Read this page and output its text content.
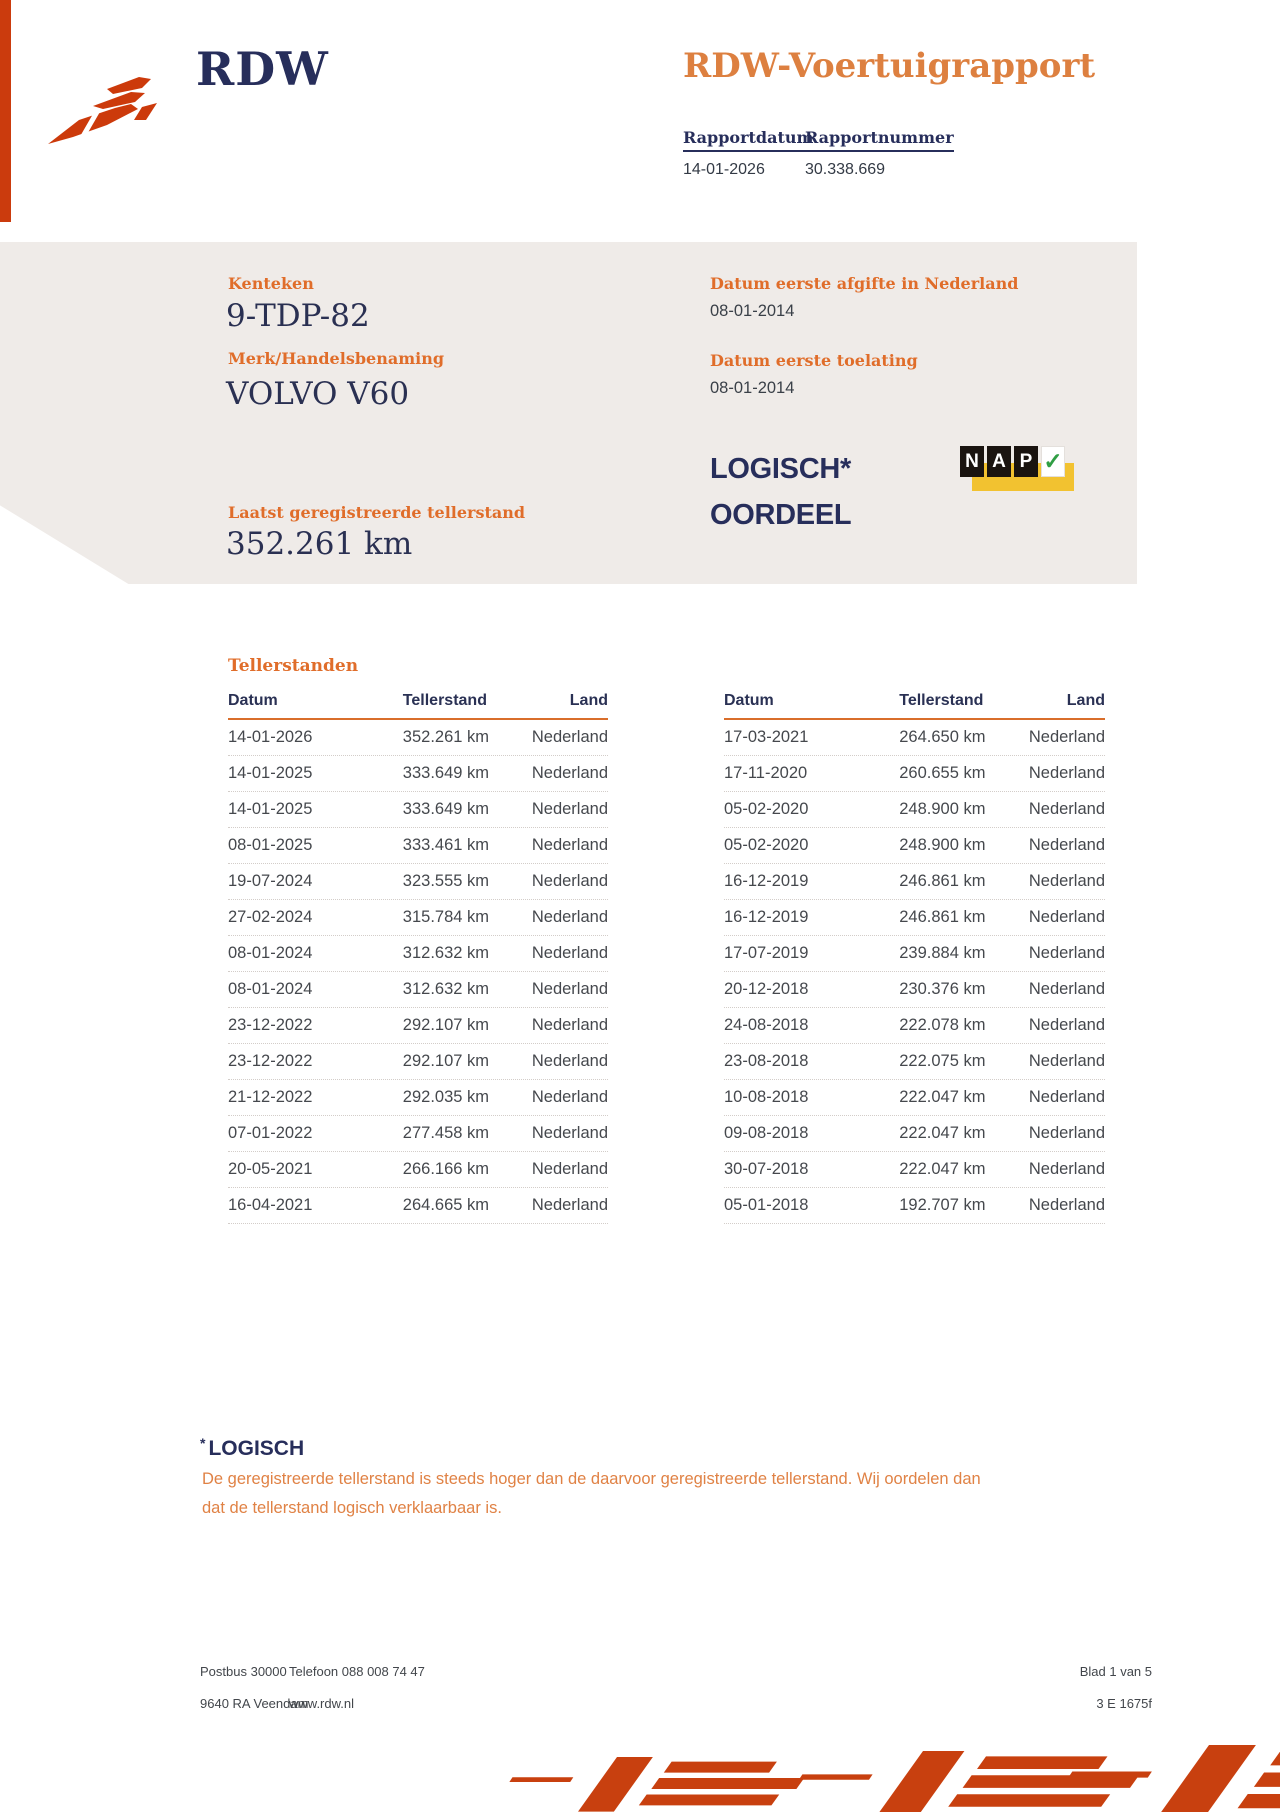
RDW	RDW-Voertuigrapport
Rapportdatum
Rapportnummer
14-01-2026	30.338.669
Kenteken
9-TDP-82
Merk/Handelsbenaming
VOLVO V60
Laatst geregistreerde tellerstand
352.261 km
Datum eerste afgifte in Nederland
08-01-2014
Datum eerste toelating
08-01-2014
LOGISCH*
OORDEEL
N A P ✓
Tellerstanden
Datum	Tellerstand	Land
14-01-2026	352.261 km	Nederland
14-01-2025	333.649 km	Nederland
14-01-2025	333.649 km	Nederland
08-01-2025	333.461 km	Nederland
19-07-2024	323.555 km	Nederland
27-02-2024	315.784 km	Nederland
08-01-2024	312.632 km	Nederland
08-01-2024	312.632 km	Nederland
23-12-2022	292.107 km	Nederland
23-12-2022	292.107 km	Nederland
21-12-2022	292.035 km	Nederland
07-01-2022	277.458 km	Nederland
20-05-2021	266.166 km	Nederland
16-04-2021	264.665 km	Nederland
Datum	Tellerstand	Land
17-03-2021	264.650 km	Nederland
17-11-2020	260.655 km	Nederland
05-02-2020	248.900 km	Nederland
05-02-2020	248.900 km	Nederland
16-12-2019	246.861 km	Nederland
16-12-2019	246.861 km	Nederland
17-07-2019	239.884 km	Nederland
20-12-2018	230.376 km	Nederland
24-08-2018	222.078 km	Nederland
23-08-2018	222.075 km	Nederland
10-08-2018	222.047 km	Nederland
09-08-2018	222.047 km	Nederland
30-07-2018	222.047 km	Nederland
05-01-2018	192.707 km	Nederland
* LOGISCH
De geregistreerde tellerstand is steeds hoger dan de daarvoor geregistreerde tellerstand. Wij oordelen dan
dat de tellerstand logisch verklaarbaar is.
Postbus 30000
9640 RA Veendam
Telefoon 088 008 74 47
www.rdw.nl
Blad 1 van 5
3 E 1675f
